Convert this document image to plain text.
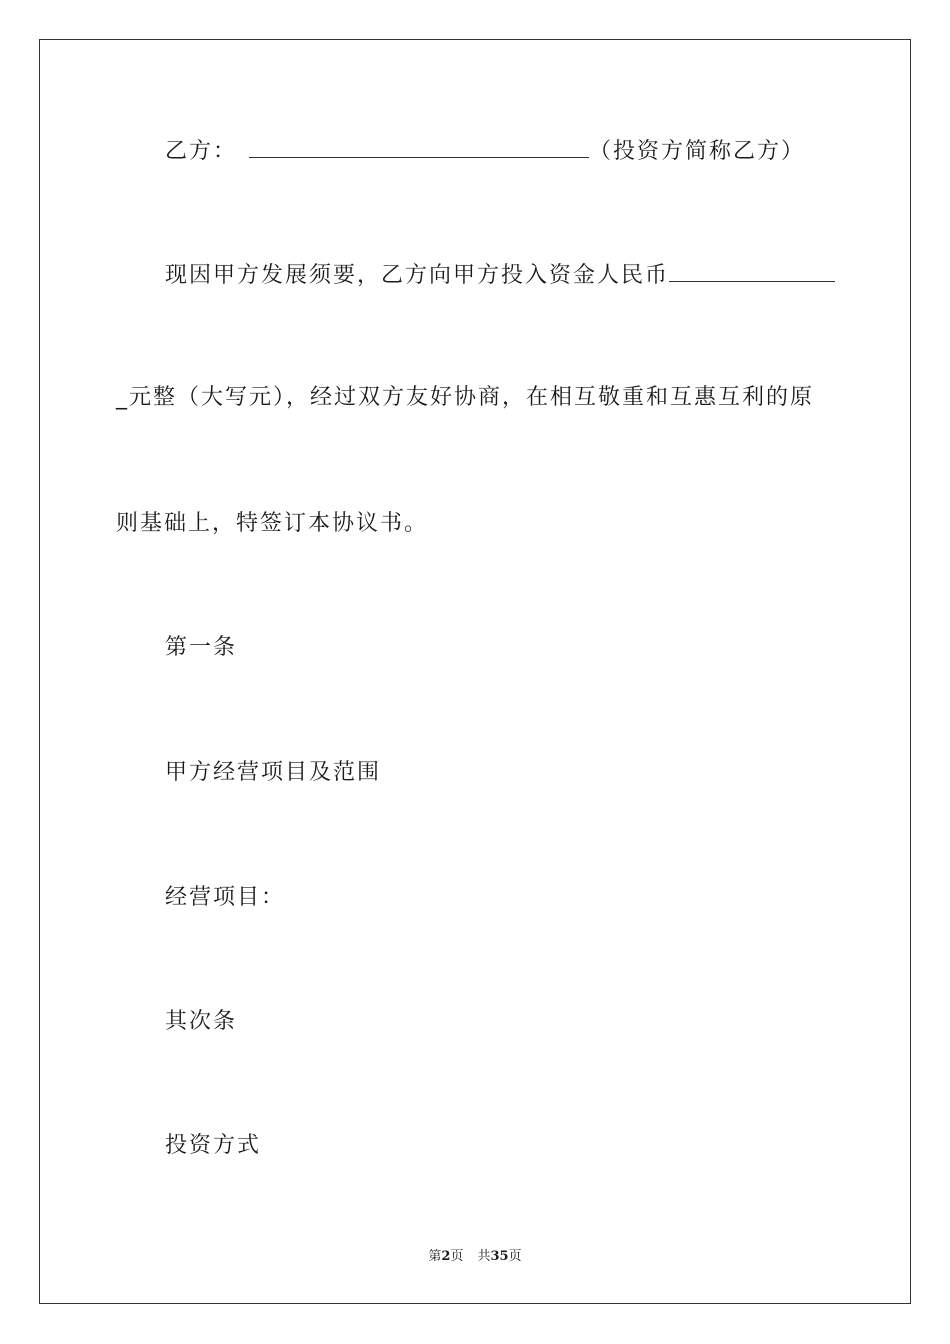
乙方：	（投资方简称乙方）
现因甲方发展须要，乙方向甲方投入资金人民币
_元整（大写元），经过双方友好协商，在相互敬重和互惠互利的原
则基础上，特签订本协议书。
第一条
甲方经营项目及范围
经营项目：
其次条
投资方式
第2页 共35页
